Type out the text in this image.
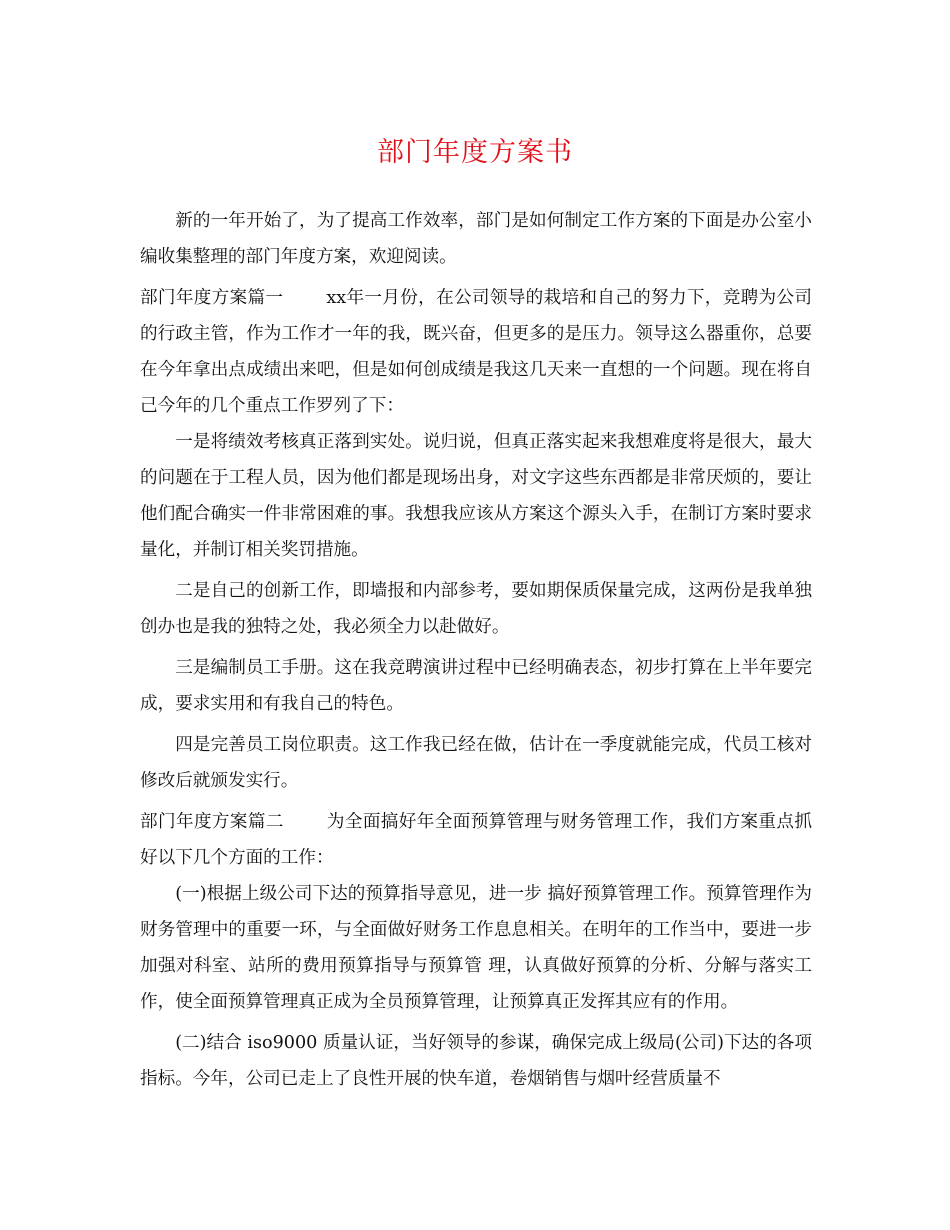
部门年度方案书

新的一年开始了，为了提高工作效率，部门是如何制定工作方案的下面是办公室小编收集整理的部门年度方案，欢迎阅读。

部门年度方案篇一 xx年一月份，在公司领导的栽培和自己的努力下，竞聘为公司的行政主管，作为工作才一年的我，既兴奋，但更多的是压力。领导这么器重你，总要在今年拿出点成绩出来吧，但是如何创成绩是我这几天来一直想的一个问题。现在将自己今年的几个重点工作罗列了下：

一是将绩效考核真正落到实处。说归说，但真正落实起来我想难度将是很大，最大的问题在于工程人员，因为他们都是现场出身，对文字这些东西都是非常厌烦的，要让他们配合确实一件非常困难的事。我想我应该从方案这个源头入手，在制订方案时要求量化，并制订相关奖罚措施。

二是自己的创新工作，即墙报和内部参考，要如期保质保量完成，这两份是我单独创办也是我的独特之处，我必须全力以赴做好。

三是编制员工手册。这在我竞聘演讲过程中已经明确表态，初步打算在上半年要完成，要求实用和有我自己的特色。

四是完善员工岗位职责。这工作我已经在做，估计在一季度就能完成，代员工核对修改后就颁发实行。

部门年度方案篇二 为全面搞好年全面预算管理与财务管理工作，我们方案重点抓好以下几个方面的工作：

(一)根据上级公司下达的预算指导意见，进一步 搞好预算管理工作。预算管理作为财务管理中的重要一环，与全面做好财务工作息息相关。在明年的工作当中，要进一步加强对科室、站所的费用预算指导与预算管 理，认真做好预算的分析、分解与落实工作，使全面预算管理真正成为全员预算管理，让预算真正发挥其应有的作用。

(二)结合 iso9000 质量认证，当好领导的参谋，确保完成上级局(公司)下达的各项指标。今年，公司已走上了良性开展的快车道，卷烟销售与烟叶经营质量不
